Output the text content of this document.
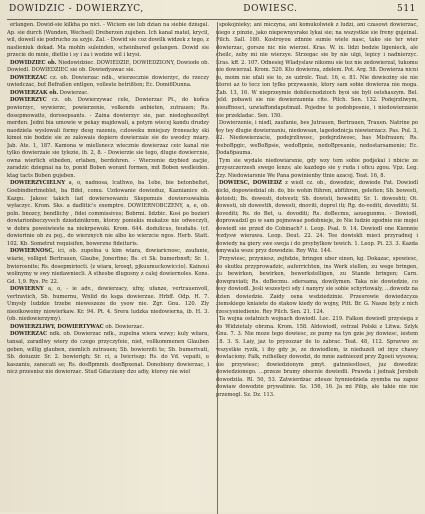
DOWIDZIC - DOWIERZYC,	DOWIESC.	511

erlangen. Dowid-sie kilkha po nici. - Wiciem sie lub dzian na siebie dziugal. Ap. sie durch (Wunden, Wechsel) Dreberzen zujeben. Ich kanal matel, krycil, wil, doweil sie podrucho za szyje. Zal. - Dowid sie coz dowilk widzek z tego, z naslieniuk dokad. Ma mohln suleinden, scheinbared gelangen. Dowid sie przecie do mnie, dietlie i sy i za i wodzie wil i krysi.

DOWIDZIEC ob. Niedowidziec. DOWIEDZIE, DOWIEDZIONY, Dowiode ob. Dowiedl. DOWIEDZIEC sie ob. Dowiedyawac sie.

DOWIERZAC cz. ob. Dowierzac ndk., wierzecznie dowierzyc, do rzeczy uwiedczac, but Befraßen entlgen, volleste betrißten; Ec. Domi6Dunna.

DOWIERZAK ob. Dowierzac.

DOWIERZYC cz. ob. Dowierzywac cele, Dowierzac Pt., do koñca powierzyc, wywierzc, powierzenie, volkends anbieten, zutrauen; Rs. dosepmowatts, dorosepsants. - Zaina dowierzyc sie, par. niedoghezelbyt merden. Jedni bia umowie w pekay majdowali, a potym wiecej kandu drudzy naodziela wyslowali formy desg razeniu, czloweku mniejszy froneacky ski kimoi nie bodzie sie ze zalowais dopiero dowierzaie sie do uwodcy miary. Jab. Ate. 1, 187. Kamona w miellsnecz wiecznie dowierzaz ceic kanal nie tylko dowierzaie sie tylezie, ib. 2, 8. - Dowierzie sie tego, dlugie dowiercnie, owna wierlich etbeden, erlaben, berdohren. - Wierzenie dzybied zacjie, zaradzic dziegnai na to, ponid Boben worant formen, mit Boben wedleiden. ktag tacts Boben gujeben.

DOWIERZYCIELNY a, o, nadnosa, lcathwo, ba 1ebe, bie betonbeltet, Goebindiertmeblet, ba Bdel, comu. Uzdowanie dowieduz, Kaznianice ob. Kazgu. Jakosc takich lad dowiersowaniu Skepemuis dowiersowalnia wyłaczyc. Krom. Sks. a dadlitic's exemptre. DOWIERNOBCZENY, a, e, ob. poln. bnozcy, bendlichy , fidei commissivus; Bobrmi. lidzbic. Kosi po bozieri dowiarionbeczyvech dziedzinikrom, ktorzy poniekis mukatze nie odweczyli, w dobra poweiwieste na niekrpewuki. Krom. 644. dodulicus, feudalis. (cf. dowierinie ob zu poj., do wierznych nie albo ko wierzcie ngos. Herb. Statt. 102. Kb. Sometrut requisifen, bowerzne fideituris.

DOWIERNOSC, ici, ob. zupelna u kim wiara, dowiaricnosc, zaufanie, wiarie, volliget Bertrauen, Glaube, Jonerfine; Bs. ct Sk. bumerbnsft; Sr. 1. bwierosnite; Rs. dosepmiriocti. (z wiara, krosqt, pjkuumuckowiccio). Kainoui wolinymy w swy niedawniecli. A sthesbe dlugosny z calej dowiernoles. Kons. Gd. 1,9. Rys. Pr. 22.

DOWIERNY a, o, - ie adv., dowierzacy, ufny, ufanze, vertrauenvoll, vertraviich, Sb. bumernu, Wnlid do ksga dowierzue. Hrbff. Odp. H. 7. Umysly ludzkie trzebe nieweszeze do ysow nie. Zgr. Gnu. 120. Zly nieoikowoiny niowierkaw. Kr. 94. Pt. 4. Srera ludzka niedowierna, ib. H. 3. (ob. niedowierzymy).

DOWIERZLIWY, DOWIERTYWAC ob. Dowierzac.

DOWIERZAC ndk. ob. Dowierzac ndk., zupelna wiera wzwy; kuly wiiara, tansal, zaradlwy wiery do czego przyczyfeie, niet, vollkommenen Glauben geben, willig glauben, ziemlich zutrauen; Sb. bowierziti te; Sb. bumerivati, Sb. doiuzzir. Sr. 2. bowierigh; Sr. ci, a Iwicriszp; Rs. do Vd. vepaiti, u kaszaniu, zanecati se; Rs. dosBpmmb. dosBpxenat. Donobisny dowierzac, i nicz przesnisz nie dowierzac. Stud Gdacziany dzo adiy, ktorey nie wiel

spokojnieky; ani miczyna, ani komukolwiek z ludzi, ani czasowi dowierzac, niego z pinzie, jako niepewnysrake lykai sie; na wszystkie sie freny gujeinal. Pilch. Sall. 180. Kostroyou zdnnie sumie wiele nasc, tako sie ter wier dowierzac, gorsze nic nie wierzei. Kras. W. ix. lidzi bedzie ligenieck, ale cheilc, zeby mi nie wierzye. Strzegac sie by nie ulgi, lepicy i nadnierzyc. Kras. kff. 2. 107. Odnesiej Wladyslaw nikomu sie tez nie zedowierzal, tukomu nie dowierzal. Krom. 520. Kto dowierza, zdelem. Pot. Arg. 58. Dowierza nicni ju, moim nie ufali sie to, ze uzirolc. Teat. 16, e. 81. Nie dowieziny sie nie ktorei az to tecz ion tyfko przywasnie, ktory sam sobie dowierza nie moga. Zab. 13, 16. W nieprzeymie dobilecnodzioch byoi sie byli ostshaszym. Bel. Jeld. pobawii sie nie dowierzannia cite. Pilch. Sen. 132. Podejrzliwym, nieuffnosci, uzwiaffondaputmail. Pojedne te podobposnie, i niedowierzanie nie przekladac. Sen. 150.

Dowierzenie, i nisdl, zaufanie, bes Jutrauen, Bertrauen, Trauen. Natrine po tey tey dlugie dowierzaniu, niedowsan, lagedodnicja niewierzacz. Pas. Pul. 3, 82. Niedowierzacie, podejrzliwosc, podejrzliwosc, bas Misfrauen; Rs. weboBpgic, weBoBpsie, wedoBpnie, nedoBpreanie, nedostarsamenie; Ec. Doda6pauma.

Tym sie wydale niedowiarsnie, gdy wzy tem sobie podjekai i nbicie ze przyszczerzesh swego lenzs; ale kazdego sie y ruda i oficu zgou. Vpz. Leg. Zzy. Niedowiarsnie We Pana powinienby ttnie azacej. Teat. 16, 8.

DOWIESC, DOWIEDZ z wioll cz. ob., dowodzic, dowiede Fat. Dowiodl nicki, dopowiedzial ob. do, bis wohin führen, abführen, geleiten; Sb. bowesti, dotoisti; Bs. dowesti, dotvesti; Sb. dowisti, bowsditi; Sr. 1. dowoshti; Ot. dowesti, ub dowestih, dowesti, dnoviti, doprel iti; Rg. do-vediti, doveditti; Sl. dovediti; Rs. do Bet, u. dovoditi; Rs. doBecmu, aouegunmu. - Dowiodl, doprowadzil go w sam pojmowae podobnieje, że Nie ludzie zgodnie nie mojei dowiedl sie przed do Cobinach? i. Leop. Psal. 9. 14. Dowiodl one Kiemnie wzdysw wierawa. Leop. Deut. 22. 24. Tee dowiskli mieci przyradnej i dowiedy na giery swe swoja i do prsybylkow tewich. 1. Leop. Pi. 23. 3. Kazda umywala wsze pryz dowodzie. Rey Wiz. 144.

Przywiesc, przyniesz, zejhdzie, bringen uber einen, kg. Dokazac, spowiesc, do skutku przyprowadzic, auferrichten, ins Werk stellen, zu wege bringen, zu bewirken, bewirken, bewerkstelligen, zu Stande bringen; Carn. dowqraviati; Rs. doBecmu. sdersama, dowilymen. Taka nie dowiedzie, co iesy dowiodl. Jesli wszestyci sdy i nanyry sie sobie schyrtowaly, ...dowodz na dzien dowiedzie. Zaidy osna wsdziedzinie. Przesrowie dowiedzcyza ziemskiego kniaiete do stakow kiedy do wojny, Pitt. Br. G. Nasze byly z nich rzescysniedienie. Rey Pilch. Sen. 21. 124.

Ta wojna ostatnich wojnach dowiodl. Loc. 219. Falkon dowiodl przysiega z do Widzietaly obrzna. Krom. 158. Aldowiodl, ostrzal Polski z Litwa. Szlyk Gnu. 7. 3. Nie moze tego dowiesc, ze pumy na tyn gzie jey dowiesc, iestem 18. 3. S. Laiy, jaz to pryzozzar ile to zabrac. Teat. 48, 112. Spravwo ze wszystkie ryzik, i iby gdy je, ze dowiodlem, iz nieduzeli od inyz chawy dowlaciony. Falk, ruthelkey dowodzi, do mnie zadnieozd przy Zgoeii wysowa; nie przywiesc; dowiedzionym pmyt. gatnniestlosci, juz dowodzic dowiedzionego. ...przeze bramy obecnie dowiedli. Prawda i jednak Jeroboh dowodzila. Rl. 50, 53. Zatwierdzac zdesze hynniedziela zyemba na zapoz dowiaw dowodzie prywatinie. Sz. 156, 16. Ja mi Pilip, ale takie nie nie przemogl. Sz. Dz. 113.
